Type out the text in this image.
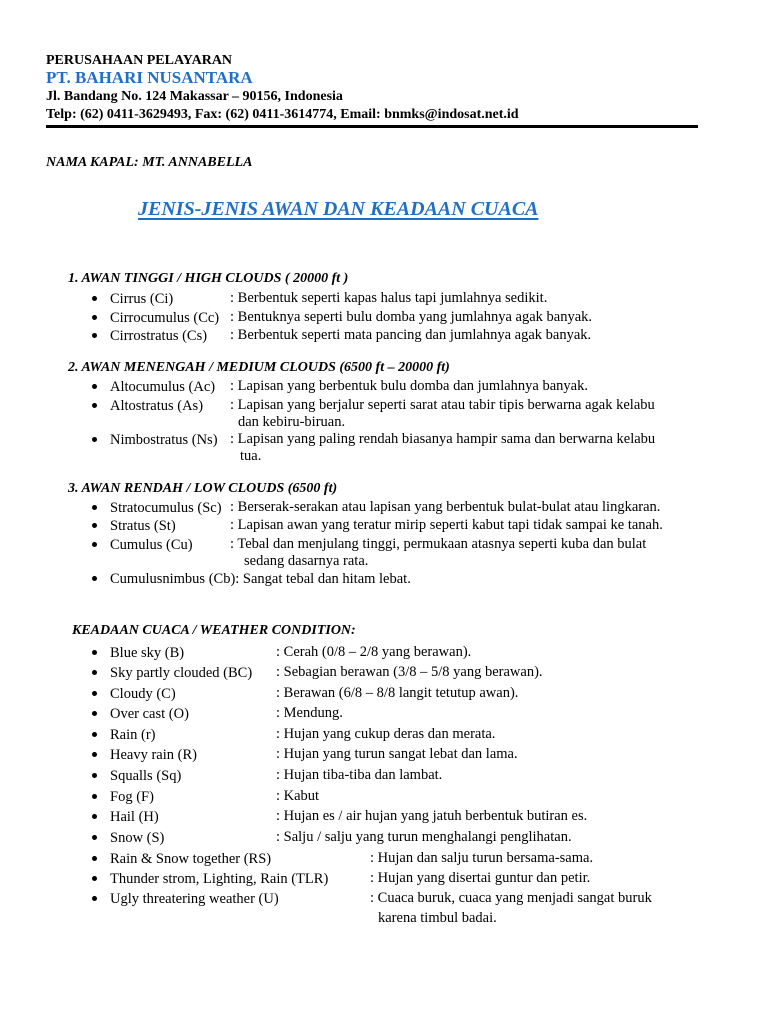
PERUSAHAAN PELAYARAN
PT. BAHARI NUSANTARA
Jl. Bandang No. 124 Makassar – 90156, Indonesia
Telp: (62) 0411-3629493, Fax: (62) 0411-3614774, Email: bnmks@indosat.net.id
NAMA KAPAL: MT. ANNABELLA
JENIS-JENIS AWAN DAN KEADAAN CUACA
1. AWAN TINGGI / HIGH CLOUDS ( 20000 ft )
Cirrus (Ci)	: Berbentuk seperti kapas halus tapi jumlahnya sedikit.
Cirrocumulus (Cc) : Bentuknya seperti bulu domba yang jumlahnya agak banyak.
Cirrostratus (Cs) : Berbentuk seperti mata pancing dan jumlahnya agak banyak.
2. AWAN MENENGAH / MEDIUM CLOUDS (6500 ft – 20000 ft)
Altocumulus (Ac) : Lapisan yang berbentuk bulu domba dan jumlahnya banyak.
Altostratus (As) : Lapisan yang berjalur seperti sarat atau tabir tipis berwarna agak kelabu
dan kebiru-biruan.
Nimbostratus (Ns) : Lapisan yang paling rendah biasanya hampir sama dan berwarna kelabu
tua.
3. AWAN RENDAH / LOW CLOUDS (6500 ft)
Stratocumulus (Sc) : Berserak-serakan atau lapisan yang berbentuk bulat-bulat atau lingkaran.
Stratus (St)	: Lapisan awan yang teratur mirip seperti kabut tapi tidak sampai ke tanah.
Cumulus (Cu)	: Tebal dan menjulang tinggi, permukaan atasnya seperti kuba dan bulat
sedang dasarnya rata.
Cumulusnimbus (Cb): Sangat tebal dan hitam lebat.
KEADAAN CUACA / WEATHER CONDITION:
Blue sky (B)	: Cerah (0/8 – 2/8 yang berawan).
Sky partly clouded (BC) : Sebagian berawan (3/8 – 5/8 yang berawan).
Cloudy (C)	: Berawan (6/8 – 8/8 langit tetutup awan).
Over cast (O)	: Mendung.
Rain (r)	: Hujan yang cukup deras dan merata.
Heavy rain (R)	: Hujan yang turun sangat lebat dan lama.
Squalls (Sq)	: Hujan tiba-tiba dan lambat.
Fog (F)	: Kabut
Hail (H)	: Hujan es / air hujan yang jatuh berbentuk butiran es.
Snow (S)	: Salju / salju yang turun menghalangi penglihatan.
Rain & Snow together (RS)	: Hujan dan salju turun bersama-sama.
Thunder strom, Lighting, Rain (TLR)	: Hujan yang disertai guntur dan petir.
Ugly threatering weather (U)	: Cuaca buruk, cuaca yang menjadi sangat buruk
karena timbul badai.
